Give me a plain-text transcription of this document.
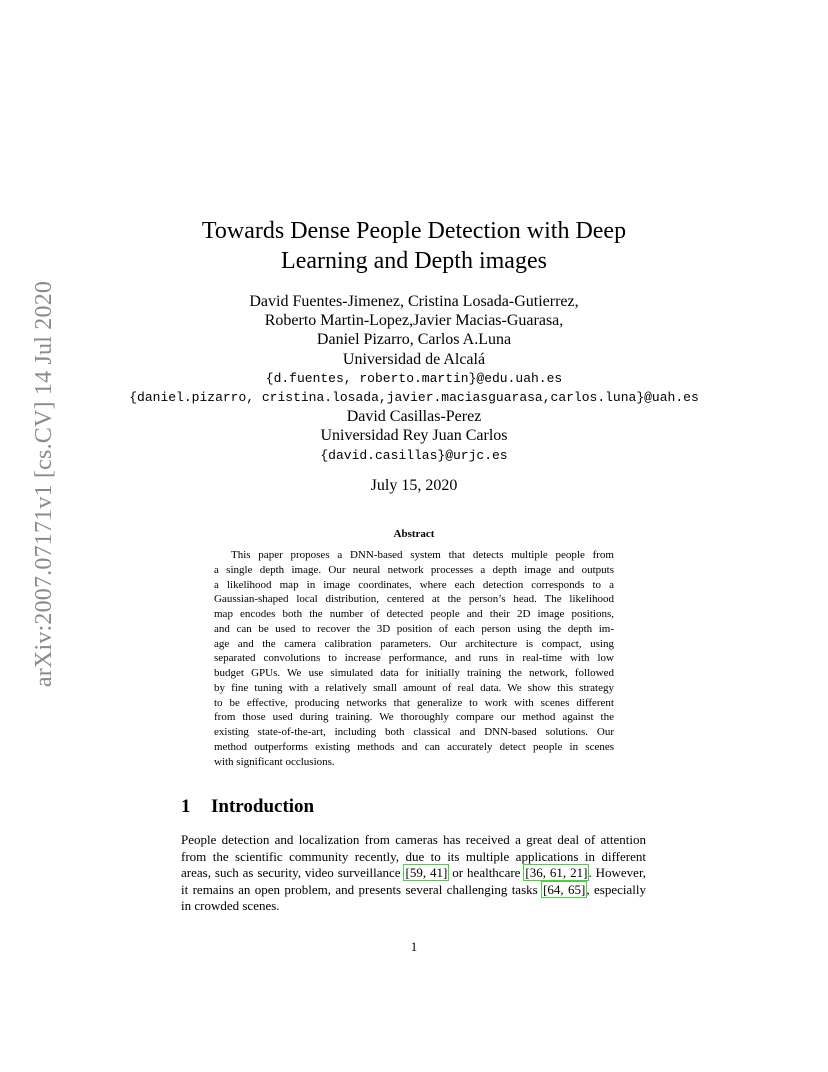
arXiv:2007.07171v1 [cs.CV] 14 Jul 2020
Towards Dense People Detection with Deep
Learning and Depth images
David Fuentes-Jimenez, Cristina Losada-Gutierrez,
Roberto Martin-Lopez,Javier Macias-Guarasa,
Daniel Pizarro, Carlos A.Luna
Universidad de Alcalá
{d.fuentes, roberto.martin}@edu.uah.es
{daniel.pizarro, cristina.losada,javier.maciasguarasa,carlos.luna}@uah.es
David Casillas-Perez
Universidad Rey Juan Carlos
{david.casillas}@urjc.es
July 15, 2020
Abstract
This paper proposes a DNN-based system that detects multiple people from
a single depth image. Our neural network processes a depth image and outputs
a likelihood map in image coordinates, where each detection corresponds to a
Gaussian-shaped local distribution, centered at the person’s head. The likelihood
map encodes both the number of detected people and their 2D image positions,
and can be used to recover the 3D position of each person using the depth im-
age and the camera calibration parameters. Our architecture is compact, using
separated convolutions to increase performance, and runs in real-time with low
budget GPUs. We use simulated data for initially training the network, followed
by fine tuning with a relatively small amount of real data. We show this strategy
to be effective, producing networks that generalize to work with scenes different
from those used during training. We thoroughly compare our method against the
existing state-of-the-art, including both classical and DNN-based solutions. Our
method outperforms existing methods and can accurately detect people in scenes
with significant occlusions.
1 Introduction
People detection and localization from cameras has received a great deal of attention
from the scientific community recently, due to its multiple applications in different
areas, such as security, video surveillance [59, 41] or healthcare [36, 61, 21]. However,
it remains an open problem, and presents several challenging tasks [64, 65], especially
in crowded scenes.
1
